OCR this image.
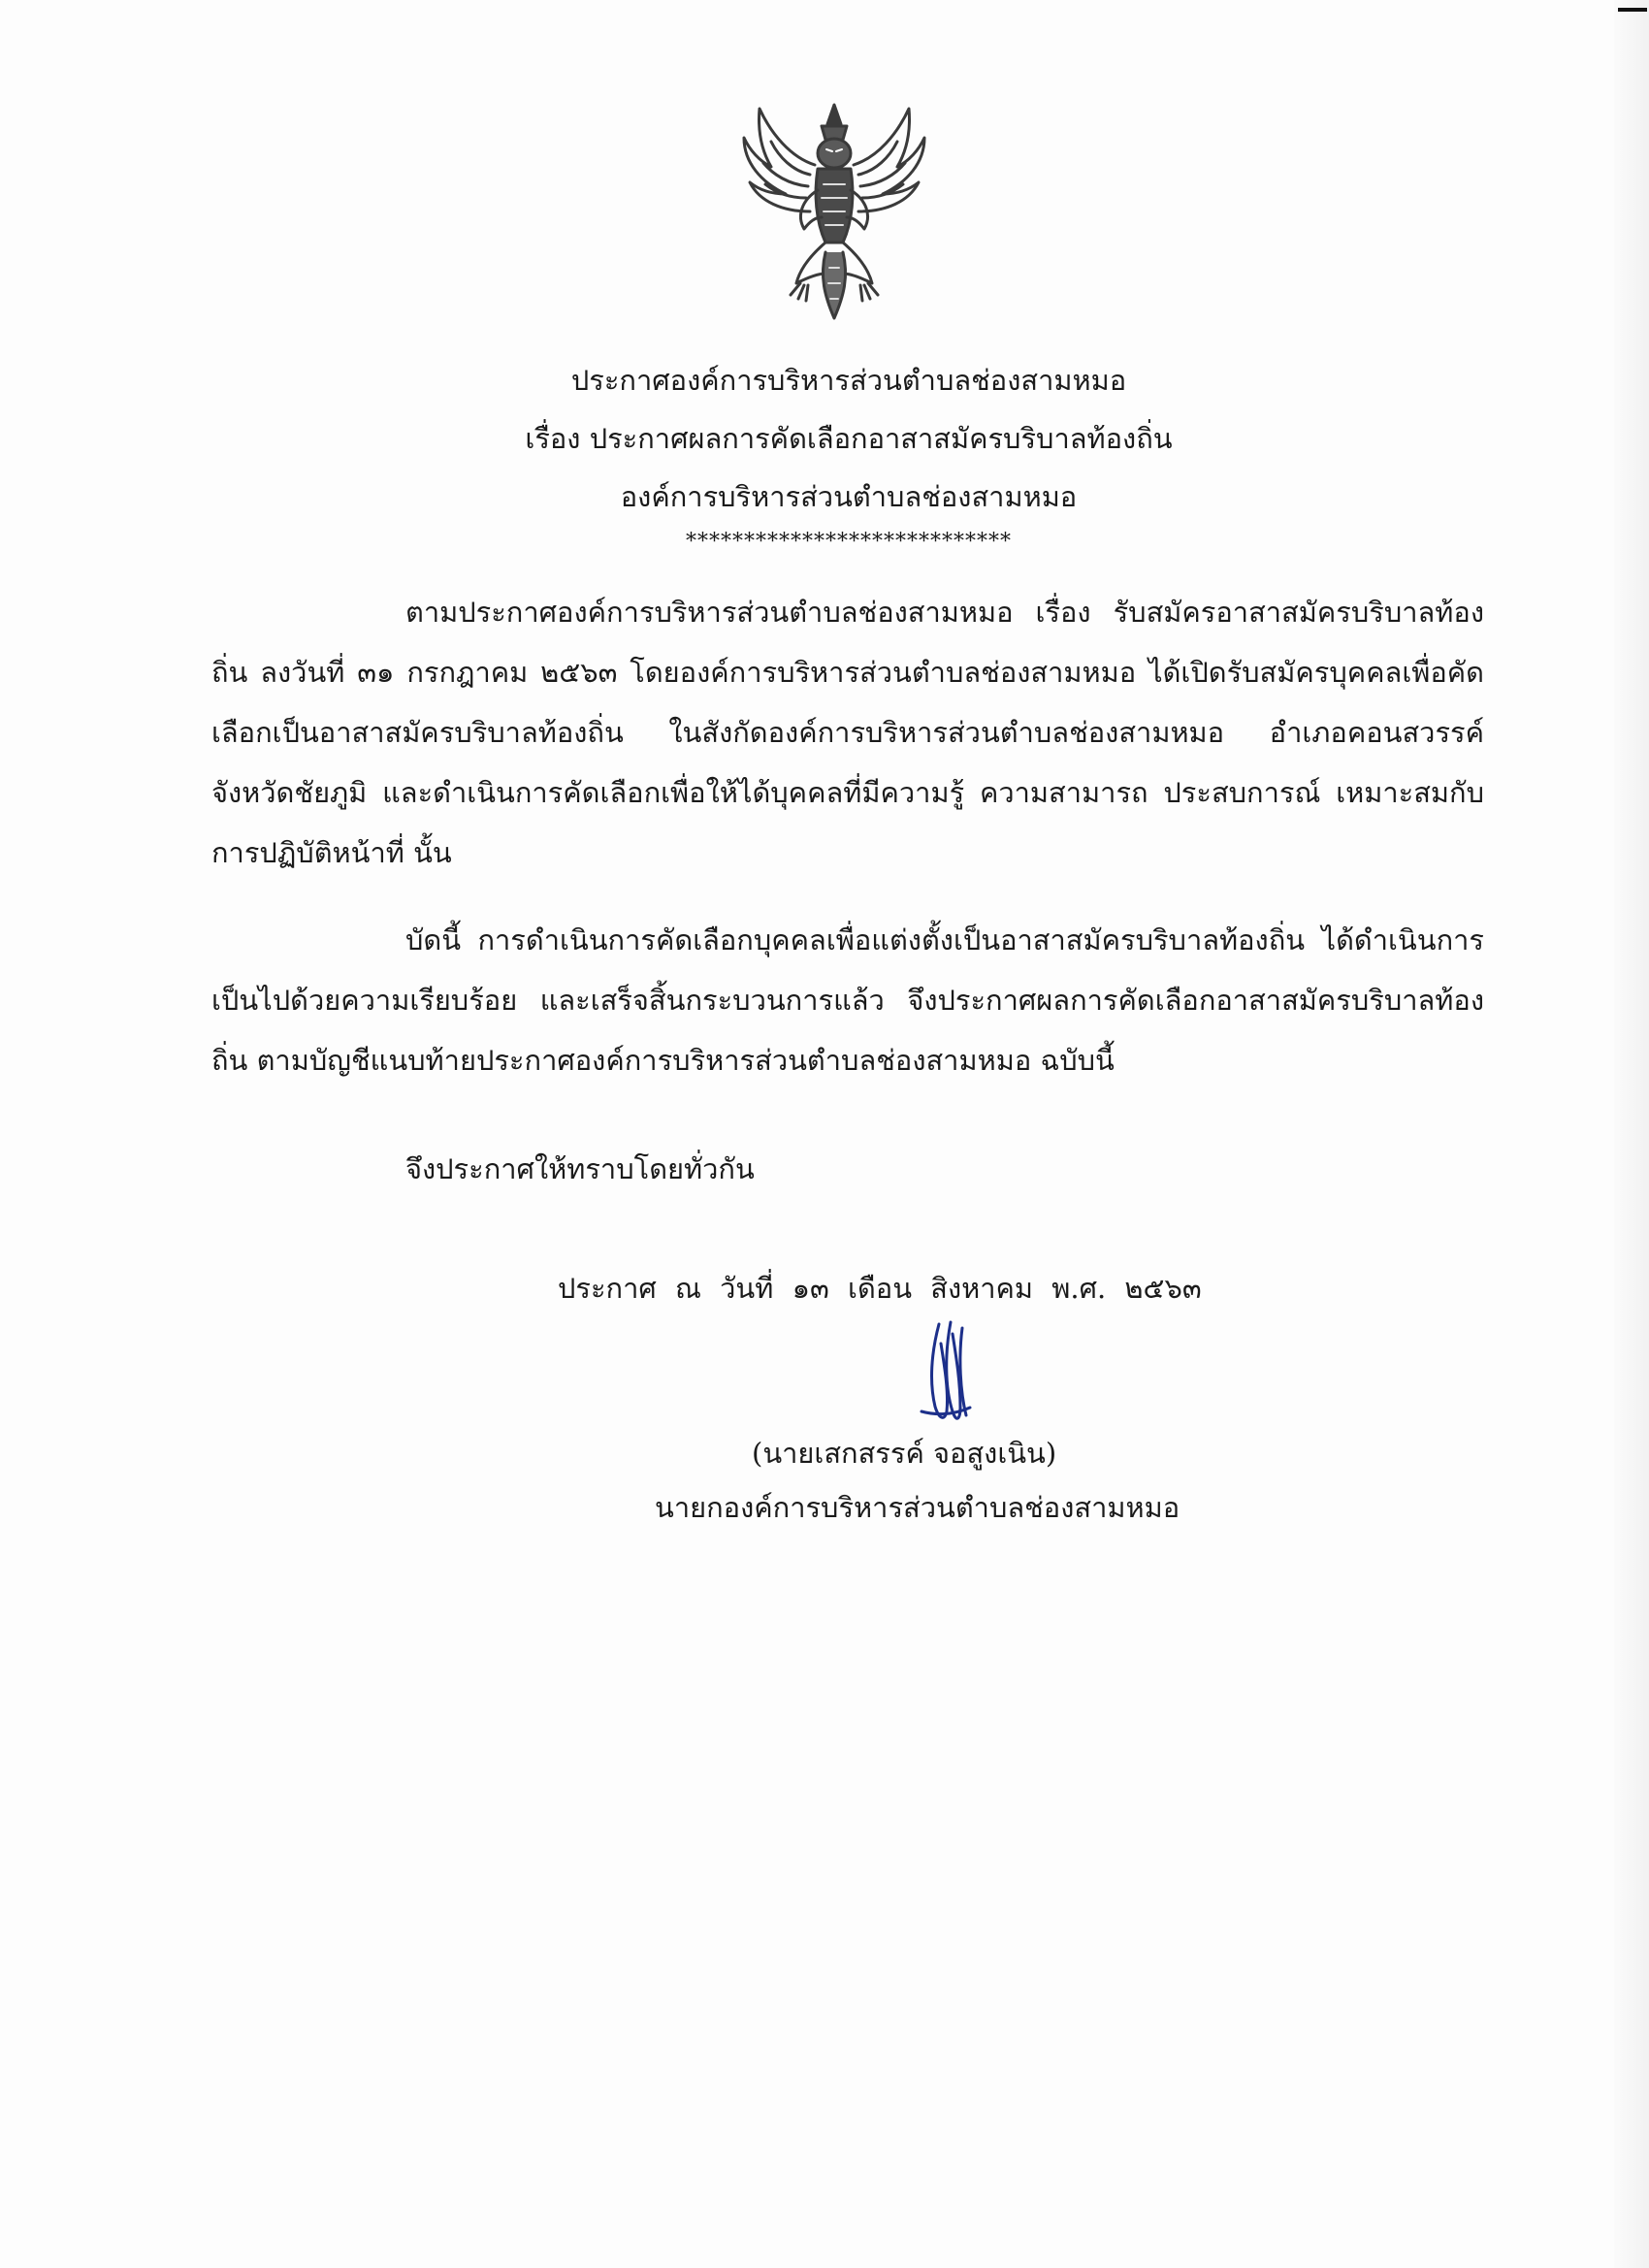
ประกาศองค์การบริหารส่วนตำบลช่องสามหมอ
เรื่อง ประกาศผลการคัดเลือกอาสาสมัครบริบาลท้องถิ่น
องค์การบริหารส่วนตำบลช่องสามหมอ
****************************

ตามประกาศองค์การบริหารส่วนตำบลช่องสามหมอ เรื่อง รับสมัครอาสาสมัครบริบาลท้องถิ่น ลงวันที่ ๓๑ กรกฎาคม ๒๕๖๓ โดยองค์การบริหารส่วนตำบลช่องสามหมอ ได้เปิดรับสมัครบุคคลเพื่อคัดเลือกเป็นอาสาสมัครบริบาลท้องถิ่น ในสังกัดองค์การบริหารส่วนตำบลช่องสามหมอ อำเภอคอนสวรรค์ จังหวัดชัยภูมิ และดำเนินการคัดเลือกเพื่อให้ได้บุคคลที่มีความรู้ ความสามารถ ประสบการณ์ เหมาะสมกับการปฏิบัติหน้าที่ นั้น

บัดนี้ การดำเนินการคัดเลือกบุคคลเพื่อแต่งตั้งเป็นอาสาสมัครบริบาลท้องถิ่น ได้ดำเนินการเป็นไปด้วยความเรียบร้อย และเสร็จสิ้นกระบวนการแล้ว จึงประกาศผลการคัดเลือกอาสาสมัครบริบาลท้องถิ่น ตามบัญชีแนบท้ายประกาศองค์การบริหารส่วนตำบลช่องสามหมอ ฉบับนี้

จึงประกาศให้ทราบโดยทั่วกัน
ประกาศ ณ วันที่ ๑๓ เดือน สิงหาคม พ.ศ. ๒๕๖๓
(นายเสกสรรค์ จอสูงเนิน)
นายกองค์การบริหารส่วนตำบลช่องสามหมอ
